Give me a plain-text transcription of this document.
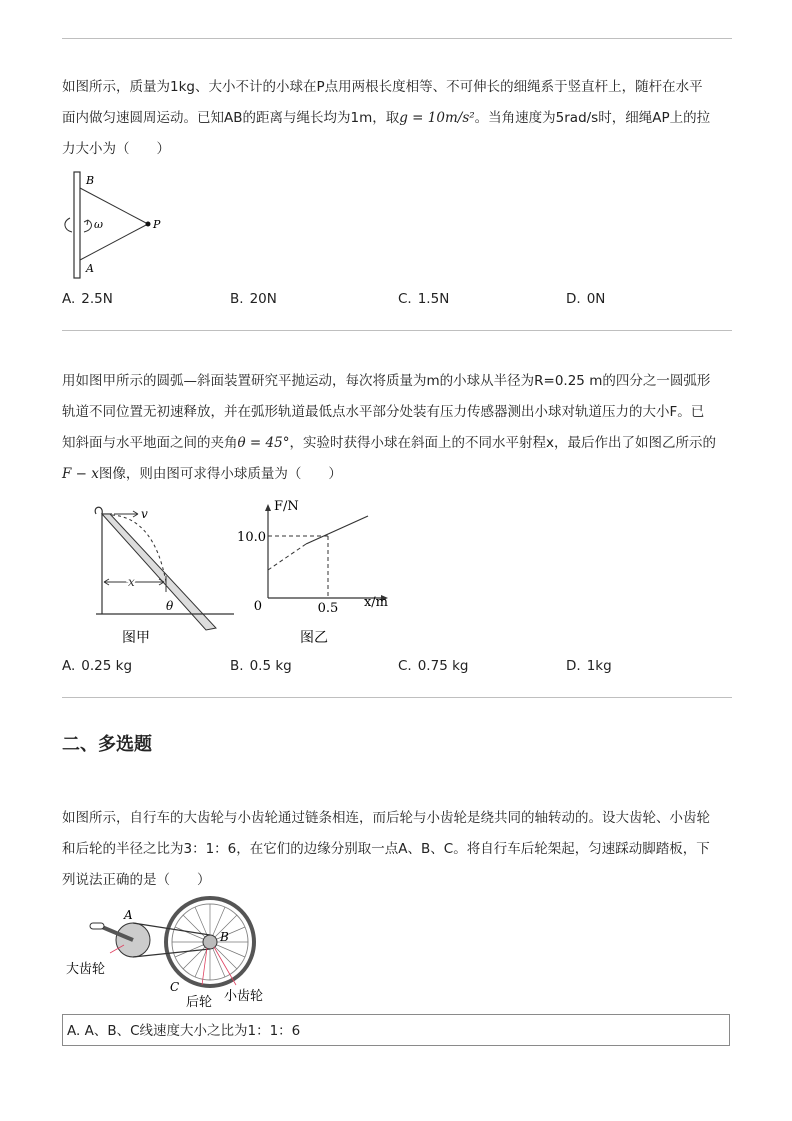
如图所示，质量为1kg、大小不计的小球在P点用两根长度相等、不可伸长的细绳系于竖直杆上，随杆在水平
面内做匀速圆周运动。已知AB的距离与绳长均为1m，取g = 10m/s²。当角速度为5rad/s时，细绳AP上的拉
力大小为（　　）
B
A
P
ω
A. 2.5N	B. 20N	C. 1.5N	D. 0N
用如图甲所示的圆弧—斜面装置研究平抛运动，每次将质量为m的小球从半径为R=0.25 m的四分之一圆弧形
轨道不同位置无初速释放，并在弧形轨道最低点水平部分处装有压力传感器测出小球对轨道压力的大小F。已
知斜面与水平地面之间的夹角θ = 45°，实验时获得小球在斜面上的不同水平射程x，最后作出了如图乙所示的
F − x图像，则由图可求得小球质量为（　　）
v
x
θ
图甲
F/N
x/m
0
10.0
0.5
图乙
A. 0.25 kg	B. 0.5 kg	C. 0.75 kg	D. 1kg
二、多选题
如图所示，自行车的大齿轮与小齿轮通过链条相连，而后轮与小齿轮是绕共同的轴转动的。设大齿轮、小齿轮
和后轮的半径之比为3：1：6，在它们的边缘分别取一点A、B、C。将自行车后轮架起，匀速踩动脚踏板，下
列说法正确的是（　　）
A
B
C
大齿轮
后轮 小齿轮
A. A、B、C线速度大小之比为1：1：6
